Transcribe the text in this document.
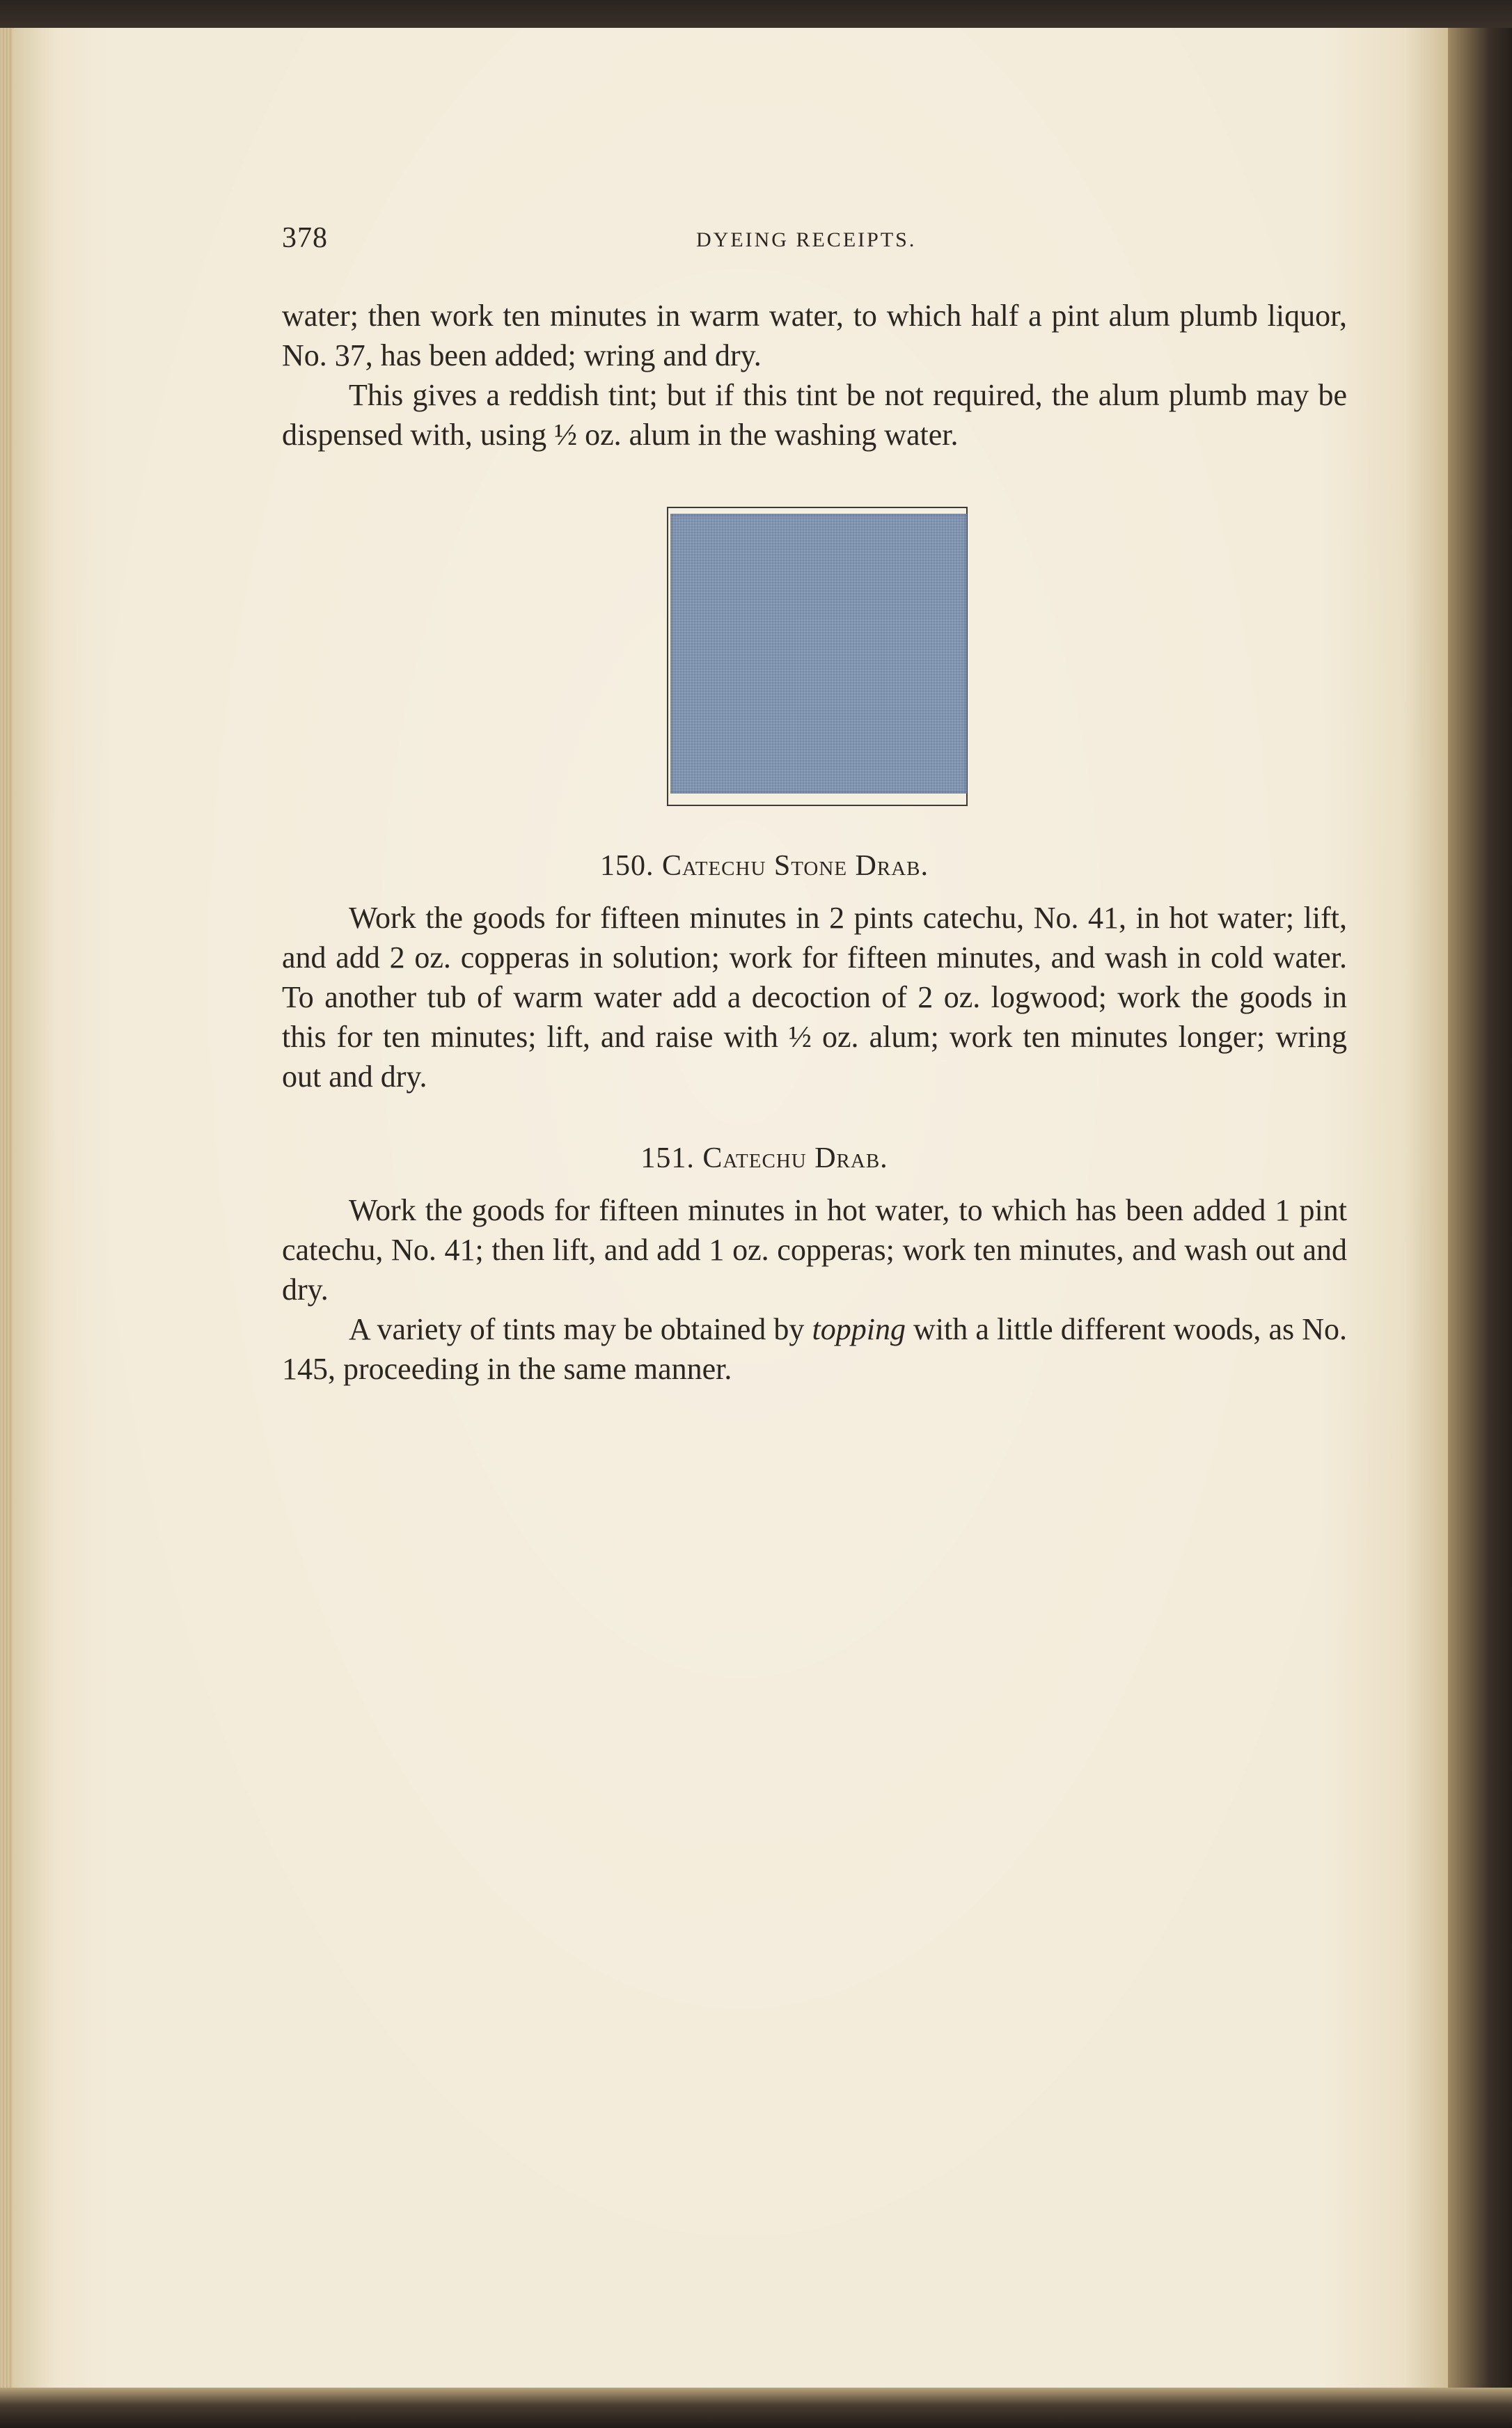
378	DYEING RECEIPTS.

water; then work ten minutes in warm water, to which half a pint alum plumb liquor, No. 37, has been added; wring and dry.

This gives a reddish tint; but if this tint be not required, the alum plumb may be dispensed with, using ½ oz. alum in the washing water.

150. Catechu Stone Drab.

Work the goods for fifteen minutes in 2 pints catechu, No. 41, in hot water; lift, and add 2 oz. copperas in solution; work for fifteen minutes, and wash in cold water. To another tub of warm water add a decoction of 2 oz. logwood; work the goods in this for ten minutes; lift, and raise with ½ oz. alum; work ten minutes longer; wring out and dry.

151. Catechu Drab.

Work the goods for fifteen minutes in hot water, to which has been added 1 pint catechu, No. 41; then lift, and add 1 oz. copperas; work ten minutes, and wash out and dry.

A variety of tints may be obtained by topping with a little different woods, as No. 145, proceeding in the same manner.
